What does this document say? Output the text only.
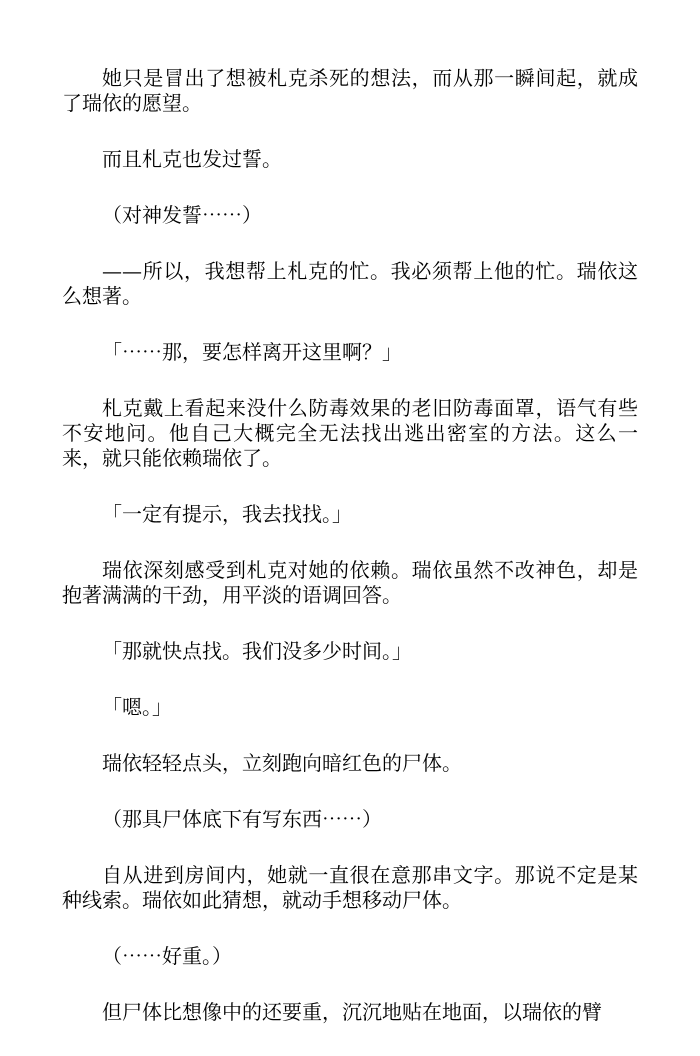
她只是冒出了想被札克杀死的想法，而从那一瞬间起，就成了瑞依的愿望。

而且札克也发过誓。

（对神发誓⋯⋯）

——所以，我想帮上札克的忙。我必须帮上他的忙。瑞依这么想著。

「⋯⋯那，要怎样离开这里啊？」

札克戴上看起来没什么防毒效果的老旧防毒面罩，语气有些不安地问。他自己大概完全无法找出逃出密室的方法。这么一来，就只能依赖瑞依了。

「一定有提示，我去找找。」

瑞依深刻感受到札克对她的依赖。瑞依虽然不改神色，却是抱著满满的干劲，用平淡的语调回答。

「那就快点找。我们没多少时间。」

「嗯。」

瑞依轻轻点头，立刻跑向暗红色的尸体。

（那具尸体底下有写东西⋯⋯）

自从进到房间内，她就一直很在意那串文字。那说不定是某种线索。瑞依如此猜想，就动手想移动尸体。

（⋯⋯好重。）

但尸体比想像中的还要重，沉沉地贴在地面，以瑞依的臂
